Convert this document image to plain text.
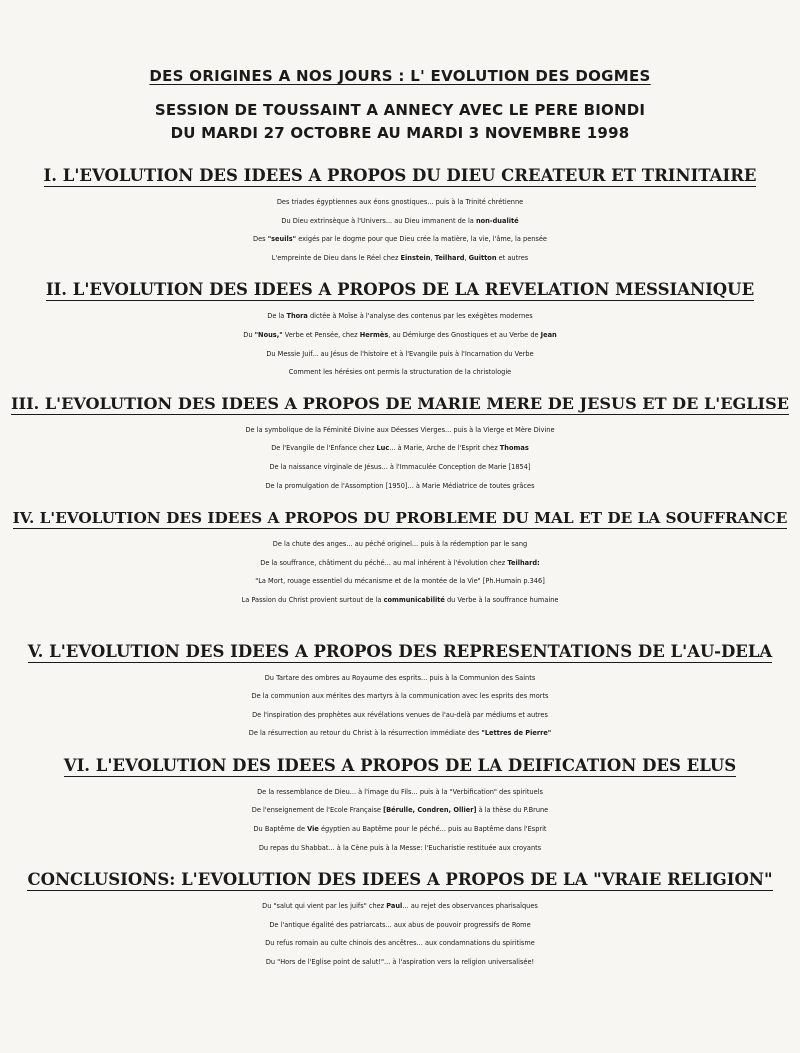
DES ORIGINES A NOS JOURS : L' EVOLUTION DES DOGMES
SESSION DE TOUSSAINT A ANNECY AVEC LE PERE BIONDI
DU MARDI 27 OCTOBRE AU MARDI 3 NOVEMBRE 1998
I. L'EVOLUTION DES IDEES A PROPOS DU DIEU CREATEUR ET TRINITAIRE
Des triades égyptiennes aux éons gnostiques... puis à la Trinité chrétienne
Du Dieu extrinsèque à l'Univers... au Dieu immanent de la non-dualité
Des "seuils" exigés par le dogme pour que Dieu crée la matière, la vie, l'âme, la pensée
L'empreinte de Dieu dans le Réel chez Einstein, Teilhard, Guitton et autres
II. L'EVOLUTION DES IDEES A PROPOS DE LA REVELATION MESSIANIQUE
De la Thora dictée à Moïse à l'analyse des contenus par les exégètes modernes
Du "Nous," Verbe et Pensée, chez Hermès, au Démiurge des Gnostiques et au Verbe de Jean
Du Messie Juif... au Jésus de l'histoire et à l'Evangile puis à l'Incarnation du Verbe
Comment les hérésies ont permis la structuration de la christologie
III. L'EVOLUTION DES IDEES A PROPOS DE MARIE MERE DE JESUS ET DE L'EGLISE
De la symbolique de la Féminité Divine aux Déesses Vierges... puis à la Vierge et Mère Divine
De l'Evangile de l'Enfance chez Luc... à Marie, Arche de l'Esprit chez Thomas
De la naissance virginale de Jésus... à l'Immaculée Conception de Marie [1854]
De la promulgation de l'Assomption [1950]... à Marie Médiatrice de toutes grâces
IV. L'EVOLUTION DES IDEES A PROPOS DU PROBLEME DU MAL ET DE LA SOUFFRANCE
De la chute des anges... au péché originel... puis à la rédemption par le sang
De la souffrance, châtiment du péché... au mal inhérent à l'évolution chez Teilhard:
"La Mort, rouage essentiel du mécanisme et de la montée de la Vie" [Ph.Humain p.346]
La Passion du Christ provient surtout de la communicabilité du Verbe à la souffrance humaine
V. L'EVOLUTION DES IDEES A PROPOS DES REPRESENTATIONS DE L'AU-DELA
Du Tartare des ombres au Royaume des esprits... puis à la Communion des Saints
De la communion aux mérites des martyrs à la communication avec les esprits des morts
De l'inspiration des prophètes aux révélations venues de l'au-delà par médiums et autres
De la résurrection au retour du Christ à la résurrection immédiate des "Lettres de Pierre"
VI. L'EVOLUTION DES IDEES A PROPOS DE LA DEIFICATION DES ELUS
De la ressemblance de Dieu... à l'image du Fils... puis à la "Verbification" des spirituels
De l'enseignement de l'Ecole Française [Bérulle, Condren, Ollier] à la thèse du P.Brune
Du Baptême de Vie égyptien au Baptême pour le péché... puis au Baptême dans l'Esprit
Du repas du Shabbat... à la Cène puis à la Messe: l'Eucharistie restituée aux croyants
CONCLUSIONS: L'EVOLUTION DES IDEES A PROPOS DE LA "VRAIE RELIGION"
Du "salut qui vient par les juifs" chez Paul... au rejet des observances pharisaïques
De l'antique égalité des patriarcats... aux abus de pouvoir progressifs de Rome
Du refus romain au culte chinois des ancêtres... aux condamnations du spiritisme
Du "Hors de l'Eglise point de salut!"... à l'aspiration vers la religion universalisée!
